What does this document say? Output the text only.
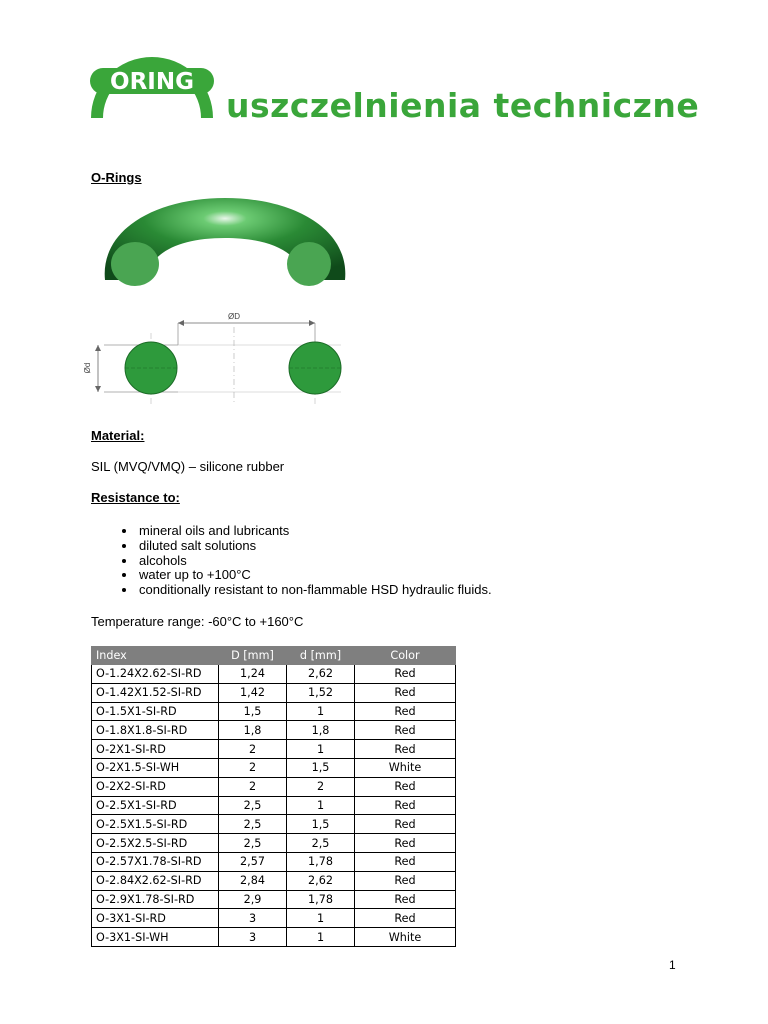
ORING
uszczelnienia techniczne
O-Rings
ØD
Ød
Material:
SIL (MVQ/VMQ) – silicone rubber
Resistance to:
• mineral oils and lubricants
• diluted salt solutions
• alcohols
• water up to +100°C
• conditionally resistant to non-flammable HSD hydraulic fluids.
Temperature range: -60°C to +160°C
Index	D [mm]	d [mm]	Color
O-1.24X2.62-SI-RD	1,24	2,62	Red
O-1.42X1.52-SI-RD	1,42	1,52	Red
O-1.5X1-SI-RD	1,5	1	Red
O-1.8X1.8-SI-RD	1,8	1,8	Red
O-2X1-SI-RD	2	1	Red
O-2X1.5-SI-WH	2	1,5	White
O-2X2-SI-RD	2	2	Red
O-2.5X1-SI-RD	2,5	1	Red
O-2.5X1.5-SI-RD	2,5	1,5	Red
O-2.5X2.5-SI-RD	2,5	2,5	Red
O-2.57X1.78-SI-RD	2,57	1,78	Red
O-2.84X2.62-SI-RD	2,84	2,62	Red
O-2.9X1.78-SI-RD	2,9	1,78	Red
O-3X1-SI-RD	3	1	Red
O-3X1-SI-WH	3	1	White
1
